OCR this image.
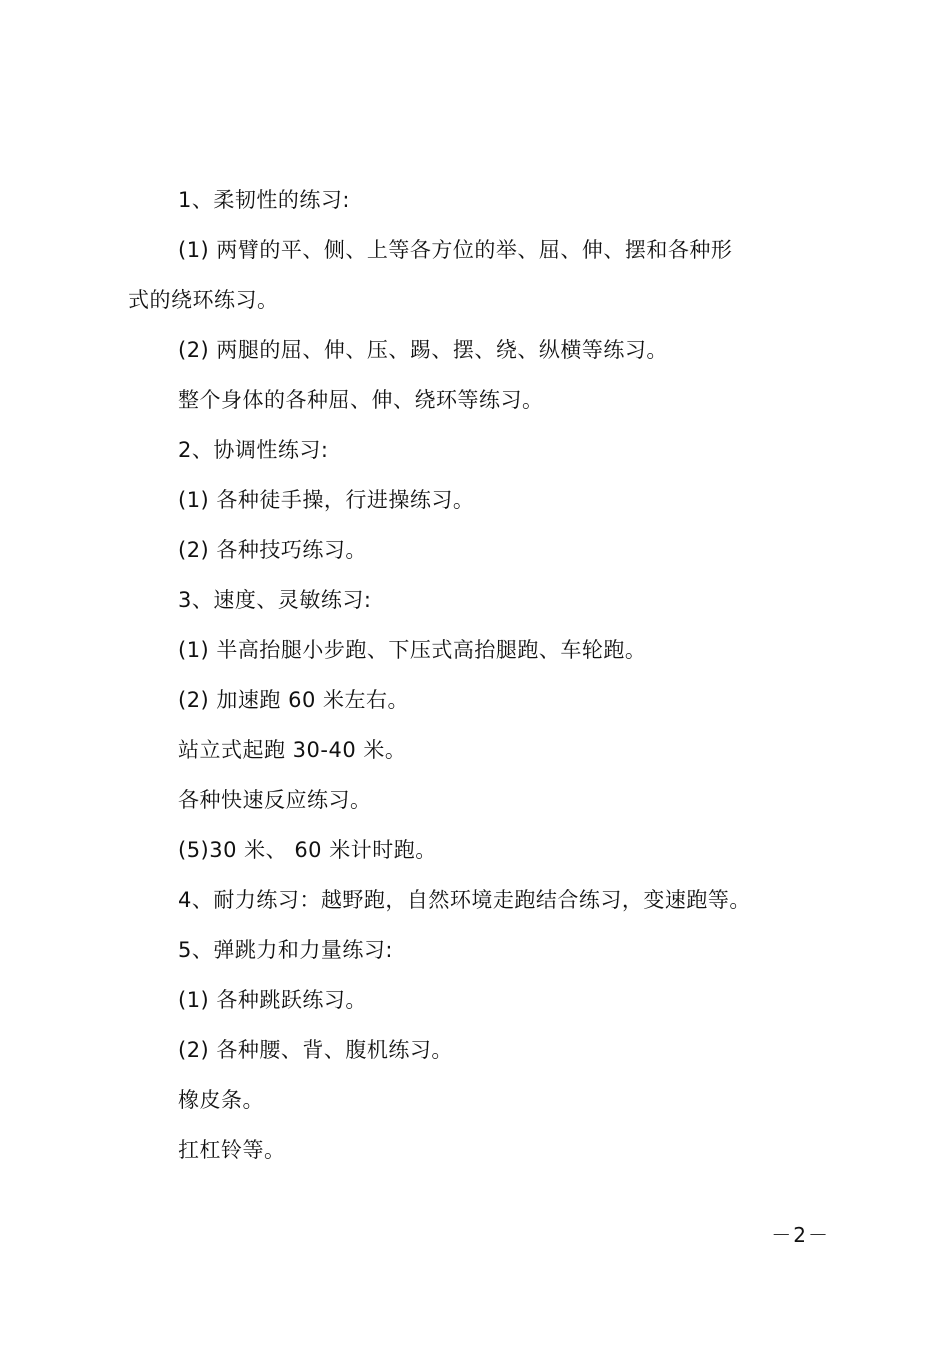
1、柔韧性的练习:
(1) 两臂的平、侧、上等各方位的举、屈、伸、摆和各种形
式的绕环练习。
(2) 两腿的屈、伸、压、踢、摆、绕、纵横等练习。
整个身体的各种屈、伸、绕环等练习。
2、协调性练习:
(1) 各种徒手操，行进操练习。
(2) 各种技巧练习。
3、速度、灵敏练习:
(1) 半高抬腿小步跑、下压式高抬腿跑、车轮跑。
(2) 加速跑 60 米左右。
站立式起跑 30-40 米。
各种快速反应练习。
(5)30 米、 60 米计时跑。
4、耐力练习：越野跑，自然环境走跑结合练习，变速跑等。
5、弹跳力和力量练习:
(1) 各种跳跃练习。
(2) 各种腰、背、腹机练习。
橡皮条。
扛杠铃等。
－2－
